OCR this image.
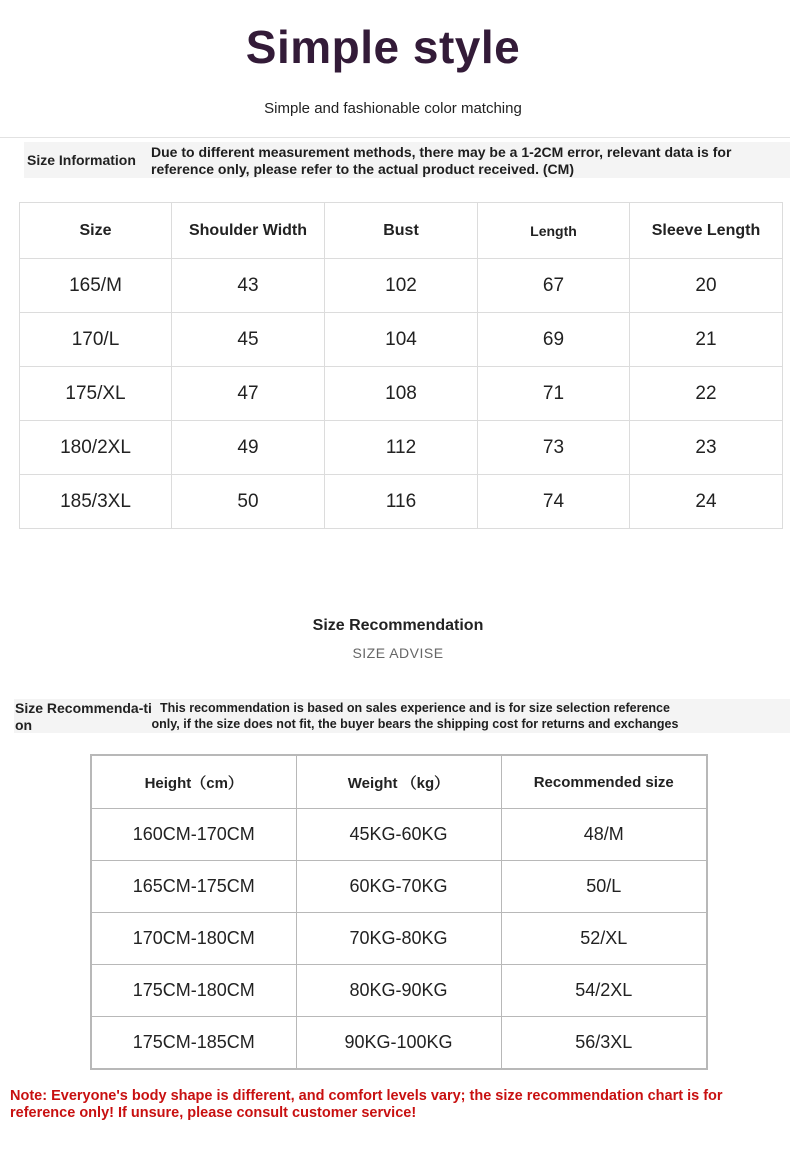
Simple style
Simple and fashionable color matching
Size Information Due to different measurement methods, there may be a 1-2CM error, relevant data is for reference only, please refer to the actual product received. (CM)
Size	Shoulder Width	Bust	Length	Sleeve Length
165/M	43	102	67	20
170/L	45	104	69	21
175/XL	47	108	71	22
180/2XL	49	112	73	23
185/3XL	50	116	74	24
Size Recommendation
SIZE ADVISE
Size Recommenda-tion
This recommendation is based on sales experience and is for size selection reference only, if the size does not fit, the buyer bears the shipping cost for returns and exchanges
Height（cm）	Weight （kg）	Recommended size
160CM-170CM	45KG-60KG	48/M
165CM-175CM	60KG-70KG	50/L
170CM-180CM	70KG-80KG	52/XL
175CM-180CM	80KG-90KG	54/2XL
175CM-185CM	90KG-100KG	56/3XL
Note: Everyone's body shape is different, and comfort levels vary; the size recommendation chart is for reference only! If unsure, please consult customer service!
